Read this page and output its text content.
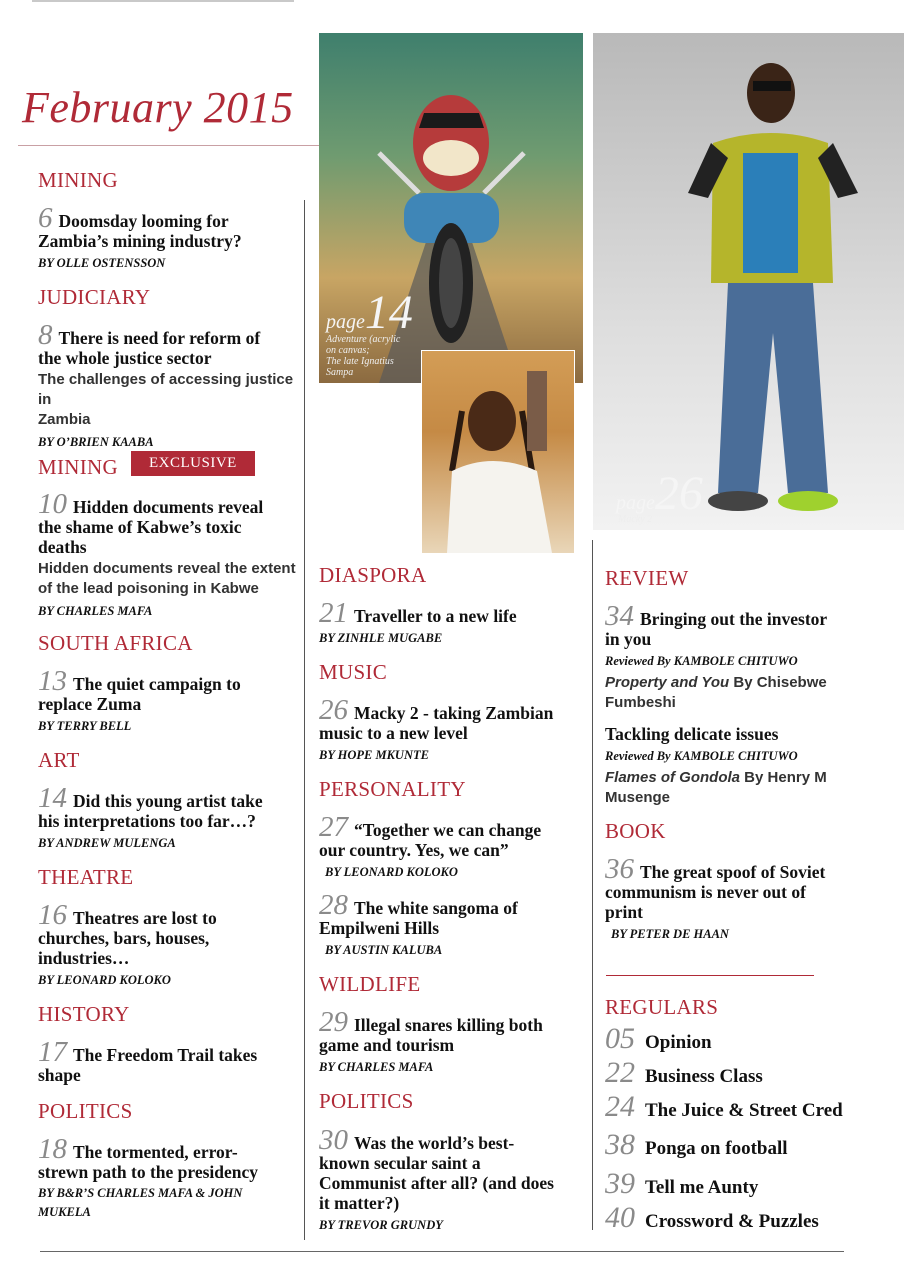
February 2015
page14
Adventure (acrylic
on canvas;
The late Ignatius
Sampa
page26
Macky 2
MINING
6 Doomsday looming for
Zambia’s mining industry?
BY OLLE OSTENSSON
JUDICIARY
8 There is need for reform of
the whole justice sector
The challenges of accessing justice in
Zambia
BY O’BRIEN KAABA
MINING	EXCLUSIVE
10 Hidden documents reveal
the shame of Kabwe’s toxic
deaths
Hidden documents reveal the extent
of the lead poisoning in Kabwe
BY CHARLES MAFA
SOUTH AFRICA
13 The quiet campaign to
replace Zuma
BY TERRY BELL
ART
14 Did this young artist take
his interpretations too far…?
BY ANDREW MULENGA
THEATRE
16 Theatres are lost to
churches, bars, houses,
industries…
BY LEONARD KOLOKO
HISTORY
17 The Freedom Trail takes
shape
POLITICS
18 The tormented, error-
strewn path to the presidency
BY B&R’S CHARLES MAFA & JOHN
MUKELA
DIASPORA
21 Traveller to a new life
BY ZINHLE MUGABE
MUSIC
26 Macky 2 - taking Zambian
music to a new level
BY HOPE MKUNTE
PERSONALITY
27 “Together we can change
our country. Yes, we can”
BY LEONARD KOLOKO
28 The white sangoma of
Empilweni Hills
BY AUSTIN KALUBA
WILDLIFE
29 Illegal snares killing both
game and tourism
BY CHARLES MAFA
POLITICS
30 Was the world’s best-
known secular saint a
Communist after all? (and does
it matter?)
BY TREVOR GRUNDY
REVIEW
34 Bringing out the investor
in you
Reviewed By KAMBOLE CHITUWO
Property and You By Chisebwe
Fumbeshi
Tackling delicate issues
Reviewed By KAMBOLE CHITUWO
Flames of Gondola By Henry M
Musenge
BOOK
36 The great spoof of Soviet
communism is never out of
print
BY PETER DE HAAN
REGULARS
05 Opinion
22 Business Class
24 The Juice & Street Cred
38 Ponga on football
39 Tell me Aunty
40 Crossword & Puzzles
